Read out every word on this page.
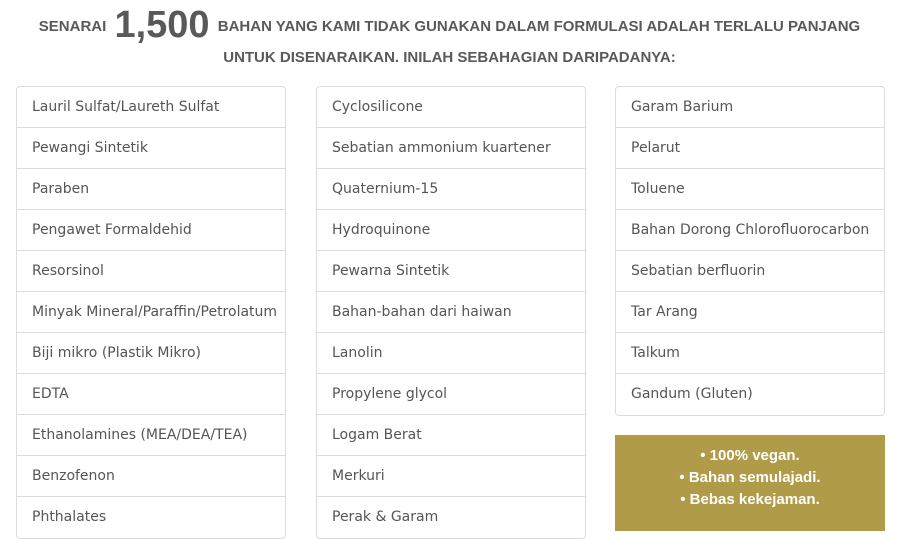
SENARAI 1,500 BAHAN YANG KAMI TIDAK GUNAKAN DALAM FORMULASI ADALAH TERLALU PANJANG
UNTUK DISENARAIKAN. INILAH SEBAHAGIAN DARIPADANYA:
Lauril Sulfat/Laureth Sulfat
Pewangi Sintetik
Paraben
Pengawet Formaldehid
Resorsinol
Minyak Mineral/Paraffin/Petrolatum
Biji mikro (Plastik Mikro)
EDTA
Ethanolamines (MEA/DEA/TEA)
Benzofenon
Phthalates
Cyclosilicone
Sebatian ammonium kuartener
Quaternium-15
Hydroquinone
Pewarna Sintetik
Bahan-bahan dari haiwan
Lanolin
Propylene glycol
Logam Berat
Merkuri
Perak & Garam
Garam Barium
Pelarut
Toluene
Bahan Dorong Chlorofluorocarbon
Sebatian berfluorin
Tar Arang
Talkum
Gandum (Gluten)
• 100% vegan.
• Bahan semulajadi.
• Bebas kekejaman.
